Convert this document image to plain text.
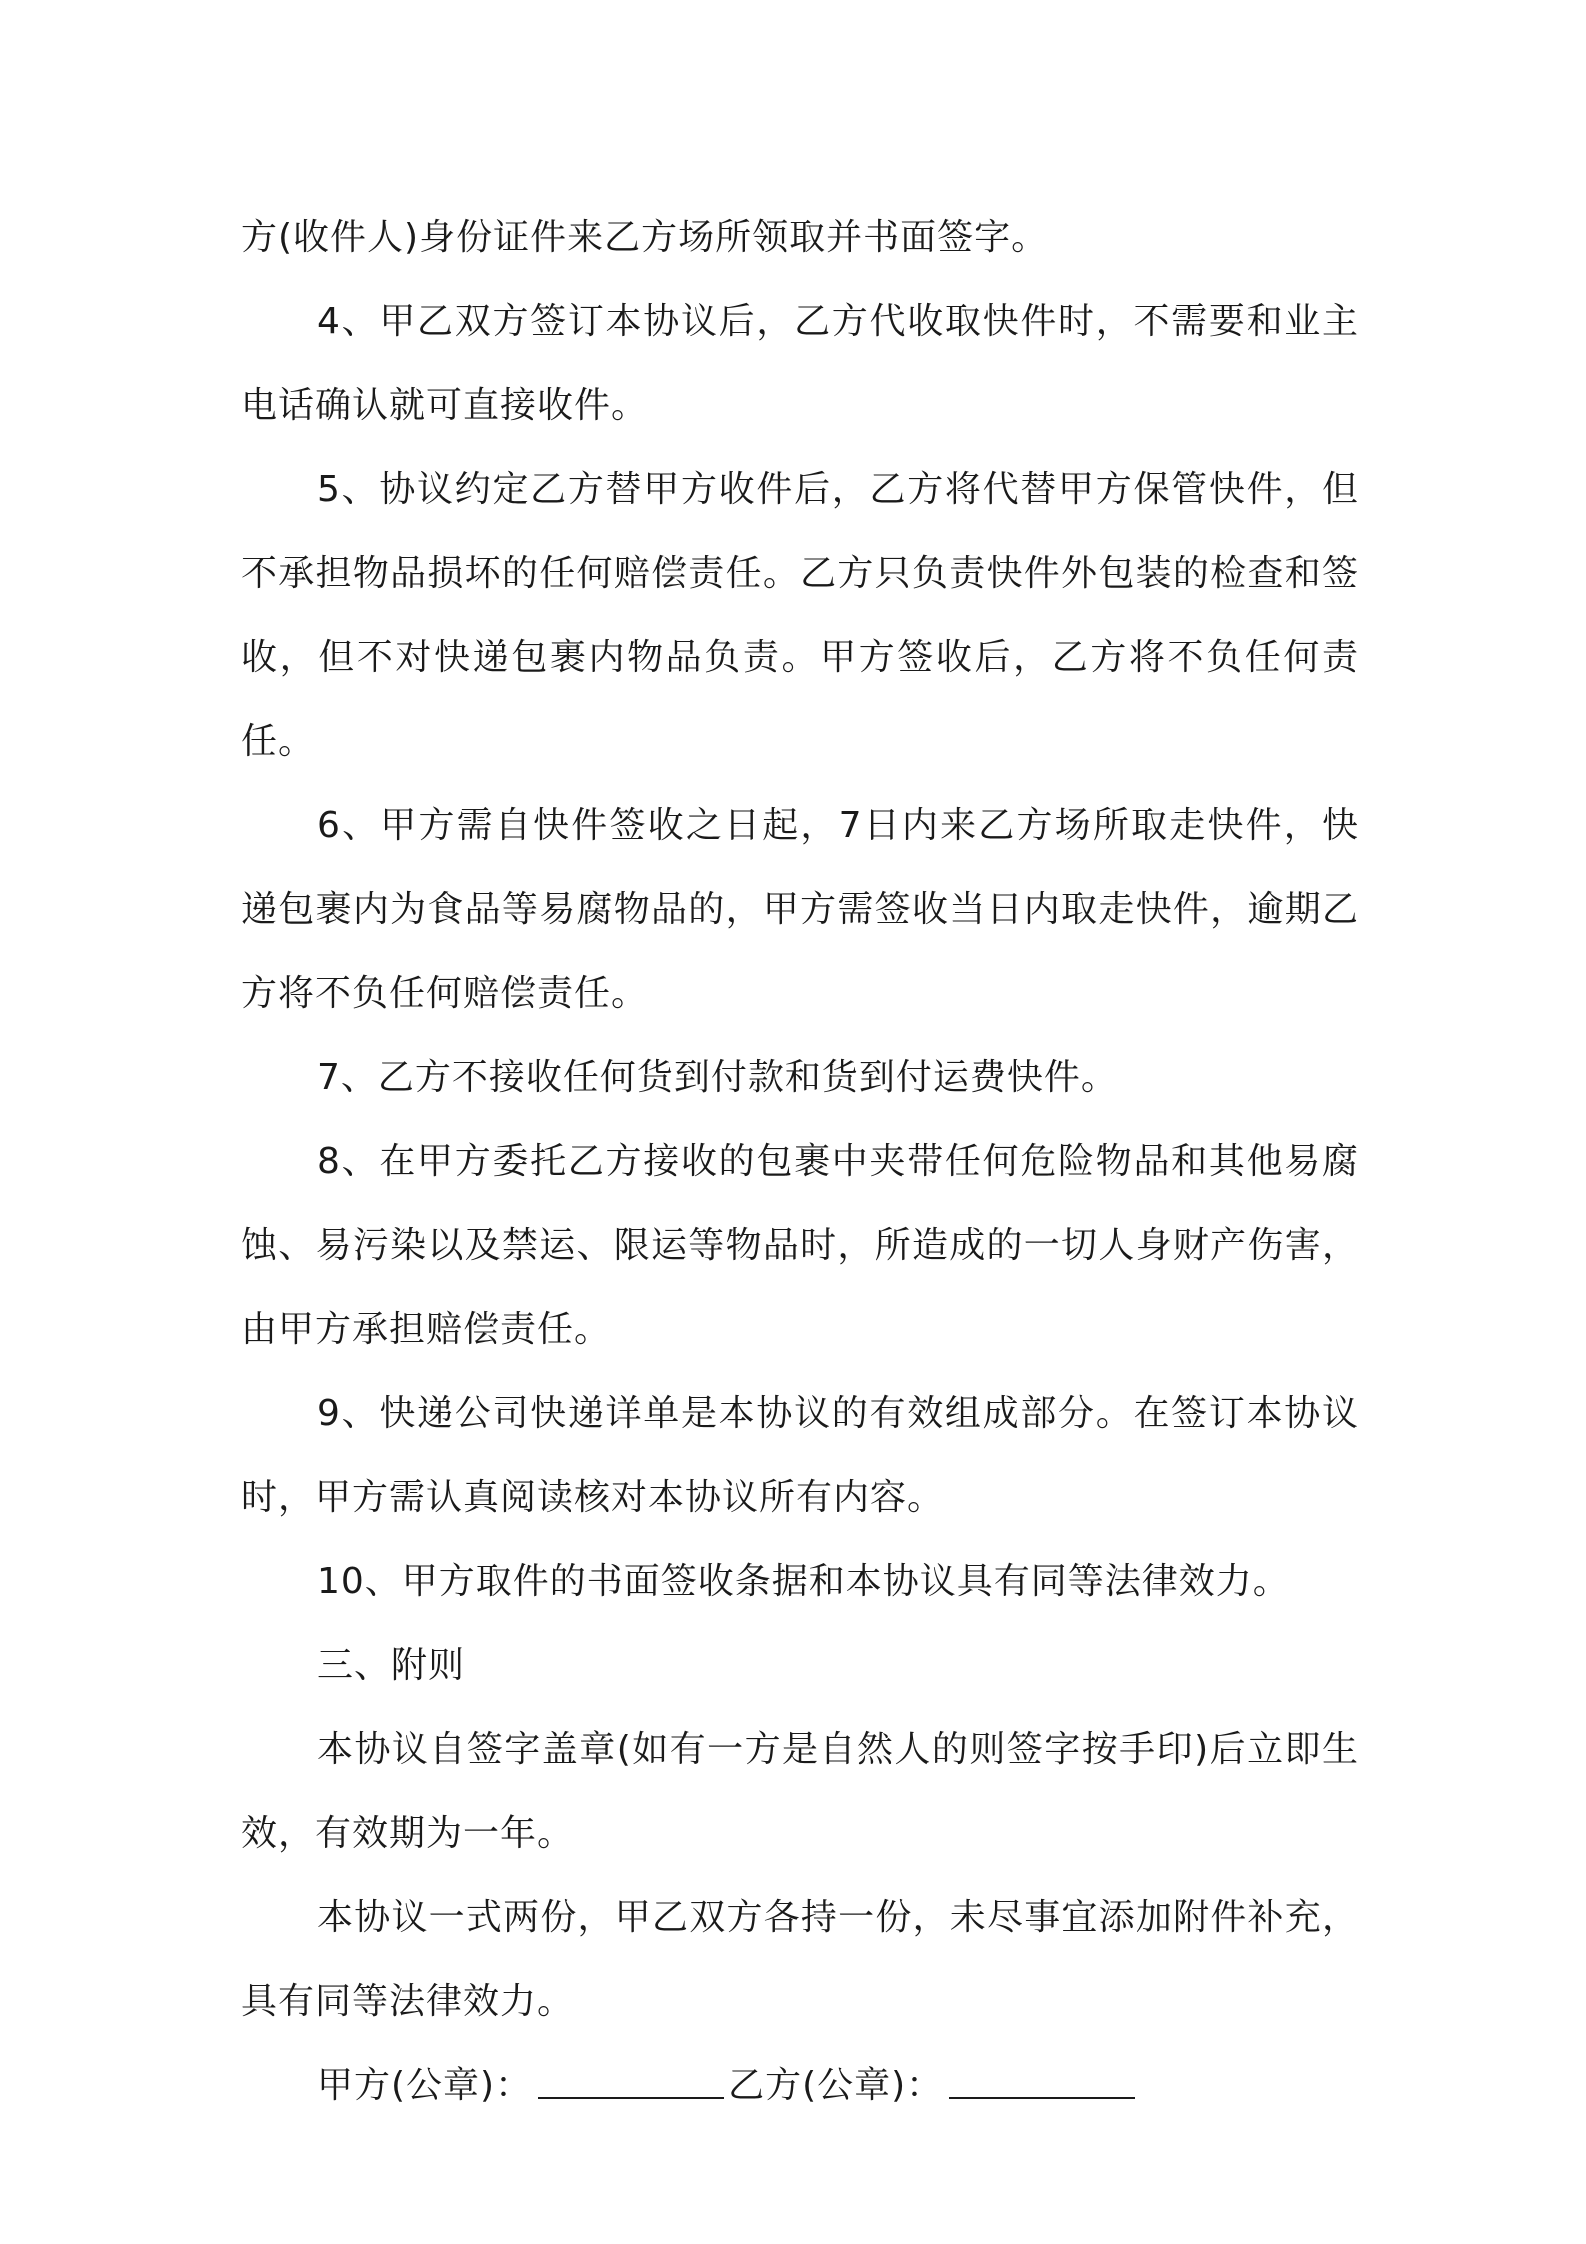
方(收件人)身份证件来乙方场所领取并书面签字。

4、甲乙双方签订本协议后，乙方代收取快件时，不需要和业主电话确认就可直接收件。

5、协议约定乙方替甲方收件后，乙方将代替甲方保管快件，但不承担物品损坏的任何赔偿责任。乙方只负责快件外包装的检查和签收，但不对快递包裹内物品负责。甲方签收后，乙方将不负任何责任。

6、甲方需自快件签收之日起，7日内来乙方场所取走快件，快递包裹内为食品等易腐物品的，甲方需签收当日内取走快件，逾期乙方将不负任何赔偿责任。

7、乙方不接收任何货到付款和货到付运费快件。

8、在甲方委托乙方接收的包裹中夹带任何危险物品和其他易腐蚀、易污染以及禁运、限运等物品时，所造成的一切人身财产伤害，由甲方承担赔偿责任。

9、快递公司快递详单是本协议的有效组成部分。在签订本协议时，甲方需认真阅读核对本协议所有内容。

10、甲方取件的书面签收条据和本协议具有同等法律效力。

三、附则

本协议自签字盖章(如有一方是自然人的则签字按手印)后立即生效，有效期为一年。

本协议一式两份，甲乙双方各持一份，未尽事宜添加附件补充，具有同等法律效力。

甲方(公章)：	乙方(公章)：
